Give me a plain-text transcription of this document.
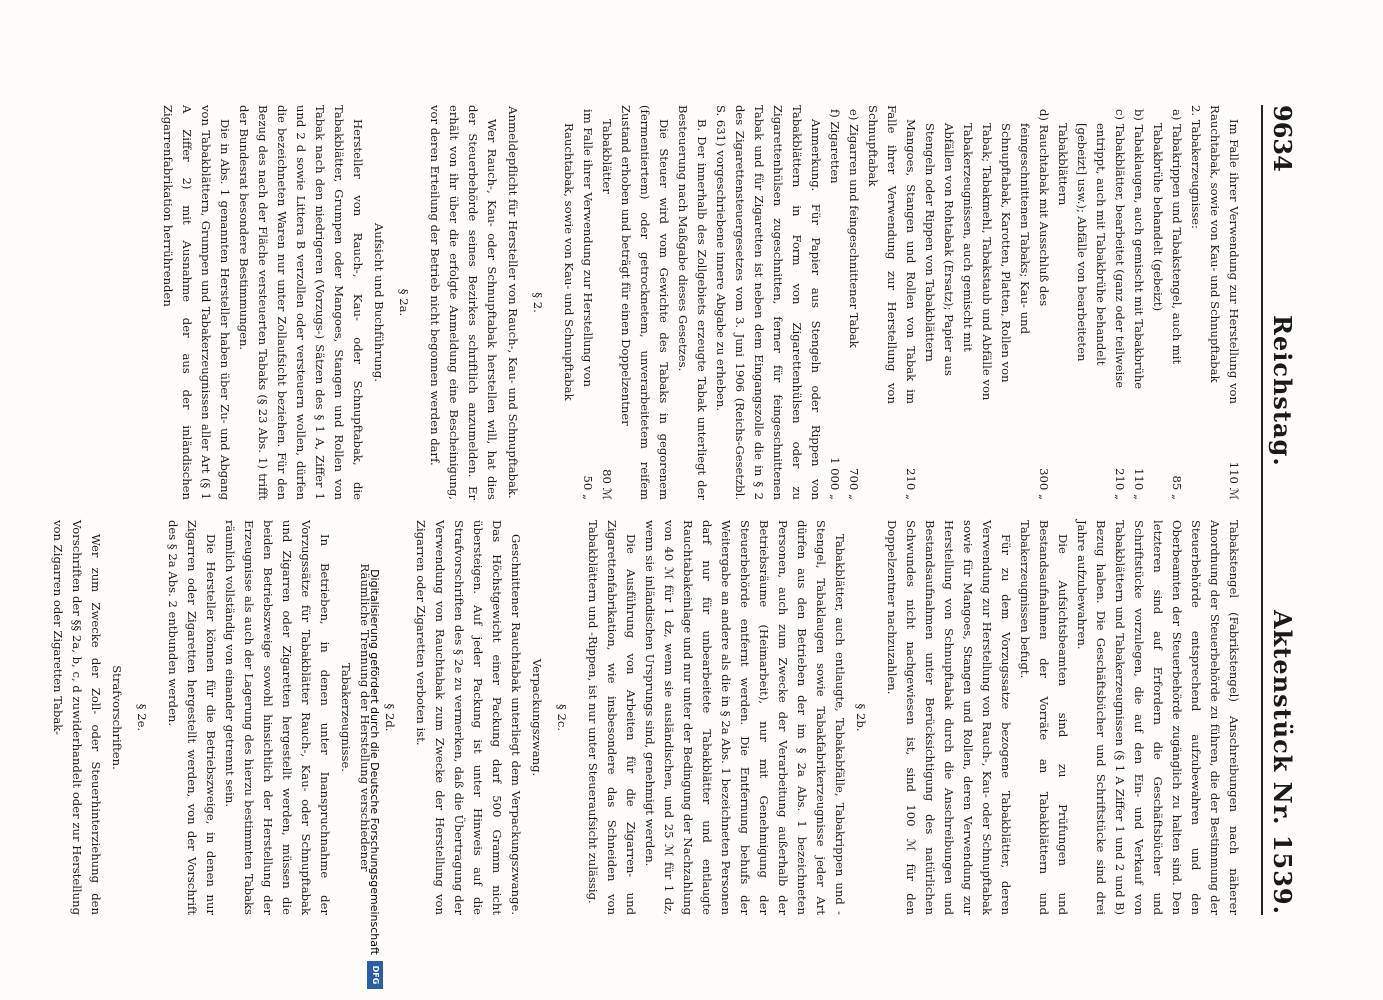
9634
Reichstag.
Aktenstück Nr. 1539.

Im Falle ihrer Verwendung zur Herstellung von Rauchtabak, sowie von Kau- und Schnupftabak

110 ℳ

2. Tabakerzeugnisse:

a) Tabakrippen und Tabakstengel, auch mit Tabakbrühe behandelt (gebeizt)

85 „

b) Tabaklaugen, auch gemischt mit Tabakbrühe

110 „

c) Tabakblätter, bearbeitet (ganz oder teilweise entrippt, auch mit Tabakbrühe behandelt [gebeizt] usw.); Abfälle von bearbeiteten Tabakblättern

210 „

d) Rauchtabak mit Ausschluß des feingeschnittenen Tabaks; Kau- und Schnupftabak, Karotten, Platten, Rollen von Tabak; Tabakmehl, Tabakstaub und Abfälle von Tabakerzeugnissen, auch gemischt mit Abfällen von Rohtabak (Ersatz); Papier aus Stengeln oder Rippen von Tabakblättern

300 „

Mangoes, Stangen und Rollen von Tabak im Falle ihrer Verwendung zur Herstellung von Schnupftabak

210 „

e) Zigarren und feingeschnittener Tabak

700 „

f) Zigaretten

1 000 „

Anmerkung. Für Papier aus Stengeln oder Rippen von Tabakblättern in Form von Zigarettenhülsen oder zu Zigarettenhülsen zugeschnitten, ferner für feingeschnittenen Tabak und für Zigaretten ist neben dem Eingangszolle die in § 2 des Zigarettensteuergesetzes vom 3. Juni 1906 (Reichs-Gesetzbl. S. 631) vorgeschriebene innere Abgabe zu erheben.

B. Der innerhalb des Zollgebiets erzeugte Tabak unterliegt der Besteuerung nach Maßgabe dieses Gesetzes.

Die Steuer wird vom Gewichte des Tabaks in gegorenem (fermentiertem) oder getrocknetem, unverarbeitetem reifem Zustand erhoben und beträgt für einen Doppelzentner

Tabakblätter

80 ℳ

im Falle ihrer Verwendung zur Herstellung von Rauchtabak, sowie von Kau- und Schnupftabak

50 „

§ 2.

Anmeldepflicht für Hersteller von Rauch-, Kau- und Schnupftabak.

Wer Rauch-, Kau- oder Schnupftabak herstellen will, hat dies der Steuerbehörde seines Bezirkes schriftlich anzumelden. Er erhält von ihr über die erfolgte Anmeldung eine Bescheinigung, vor deren Erteilung der Betrieb nicht begonnen werden darf.

§ 2a.

Aufsicht und Buchführung.

Hersteller von Rauch-, Kau- oder Schnupftabak, die Tabakblätter, Grumpen oder Mangoes, Stangen und Rollen von Tabak nach den niedrigeren (Vorzugs-) Sätzen des § 1 A, Ziffer 1 und 2 d sowie Littera B verzollen oder versteuern wollen, dürfen die bezeichneten Waren nur unter Zollaufsicht beziehen. Für den Bezug des nach der Fläche versteuerten Tabaks (§ 23 Abs. 1) trifft der Bundesrat besondere Bestimmungen.

Die in Abs. 1 genannten Hersteller haben über Zu- und Abgang von Tabakblättern, Grumpen und Tabakerzeugnissen aller Art (§ 1 A Ziffer 2) mit Ausnahme der aus der inländischen Zigarrenfabrikation herrührenden

Tabakstengel (Fabrikstengel) Anschreibungen nach näherer Anordnung der Steuerbehörde zu führen, die der Bestimmung der Steuerbehörde entsprechend aufzubewahren und den Oberbeamten der Steuerbehörde zugänglich zu halten sind. Den letzteren sind auf Erfordern die Geschäftsbücher und Schriftstücke vorzulegen, die auf den Ein- und Verkauf von Tabakblättern und Tabakerzeugnissen (§ 1 A Ziffer 1 und 2 und B) Bezug haben. Die Geschäftsbücher und Schriftstücke sind drei Jahre aufzubewahren.

Die Aufsichtsbeamten sind zu Prüfungen und Bestandsaufnahmen der Vorräte an Tabakblättern und Tabakerzeugnissen befugt.

Für zu dem Vorzugssatze bezogene Tabakblätter, deren Verwendung zur Herstellung von Rauch-, Kau- oder Schnupftabak sowie für Mangoes, Stangen und Rollen, deren Verwendung zur Herstellung von Schnupftabak durch die Anschreibungen und Bestandsaufnahmen unter Berücksichtigung des natürlichen Schwundes nicht nachgewiesen ist, sind 100 ℳ für den Doppelzentner nachzuzahlen.

§ 2b.

Tabakblätter, auch entlaugte, Tabakabfälle, Tabakrippen und -Stengel, Tabaklaugen sowie Tabakfabrikerzeugnisse jeder Art dürfen aus den Betrieben der im § 2a Abs. 1 bezeichneten Personen, auch zum Zwecke der Verarbeitung außerhalb der Betriebsräume (Heimarbeit), nur mit Genehmigung der Steuerbehörde entfernt werden. Die Entfernung behufs der Weitergabe an andere als die in § 2a Abs. 1 bezeichneten Personen darf nur für unbearbeitete Tabakblätter und entlaugte Rauchtabakeinlage und nur unter der Bedingung der Nachzahlung von 40 ℳ für 1 dz, wenn sie ausländischen, und 25 ℳ für 1 dz, wenn sie inländischen Ursprungs sind, genehmigt werden.

Die Ausführung von Arbeiten für die Zigarren- und Zigarettenfabrikation, wie insbesondere das Schneiden von Tabakblättern und -Rippen, ist nur unter Steueraufsicht zulässig.

§ 2c.

Verpackungszwang.

Geschnittener Rauchtabak unterliegt dem Verpackungszwange. Das Höchstgewicht einer Packung darf 500 Gramm nicht übersteigen. Auf jeder Packung ist unter Hinweis auf die Strafvorschriften des § 2e zu vermerken, daß die Übertragung der Verwendung von Rauchtabak zum Zwecke der Herstellung von Zigarren oder Zigaretten verboten ist.

§ 2d.

Räumliche Trennung der Herstellung verschiedener Tabakerzeugnisse.

In Betrieben, in denen unter Inanspruchnahme der Vorzugssätze für Tabakblätter Rauch-, Kau- oder Schnupftabak und Zigarren oder Zigaretten hergestellt werden, müssen die beiden Betriebszweige sowohl hinsichtlich der Herstellung der Erzeugnisse als auch der Lagerung des hierzu bestimmten Tabaks räumlich vollständig von einander getrennt sein.

Die Hersteller können für die Betriebszweige, in denen nur Zigarren oder Zigaretten hergestellt werden, von der Vorschrift des § 2a Abs. 2 entbunden werden.

§ 2e.

Strafvorschriften.

Wer zum Zwecke der Zoll- oder Steuerhinterziehung den Vorschriften der §§ 2a, b, c, d zuwiderhandelt oder zur Herstellung von Zigarren oder Zigaretten Tabak-	Digitalisierung gefördert durch die Deutsche Forschungsgemeinschaft
DFG
